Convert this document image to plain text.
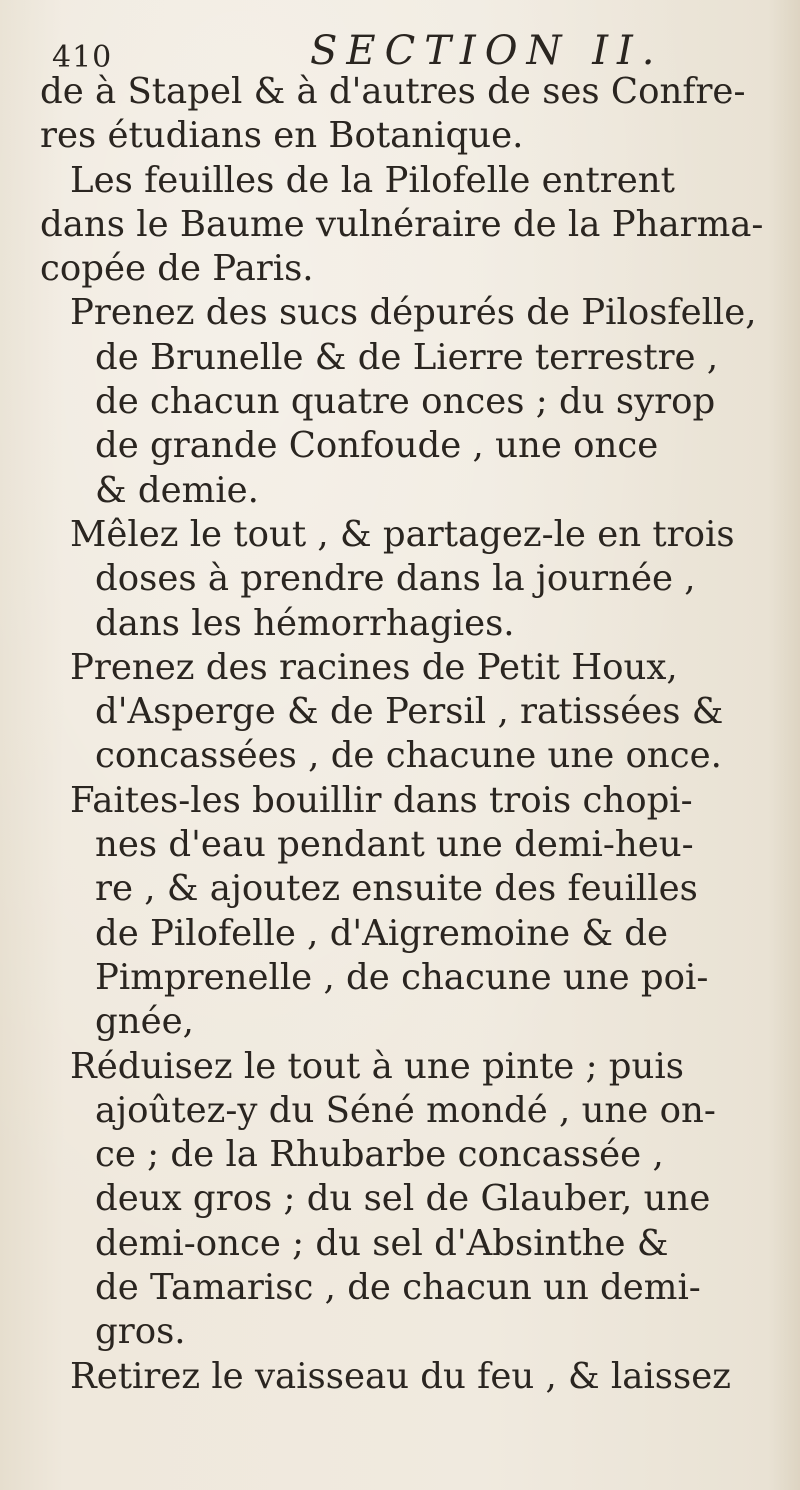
410	SECTION II.
de à Stapel & à d'autres de ses Confre-
res étudians en Botanique.
Les feuilles de la Pilofelle entrent
dans le Baume vulnéraire de la Pharma-
copée de Paris.
Prenez des sucs dépurés de Pilosfelle,
de Brunelle & de Lierre terrestre ,
de chacun quatre onces ; du syrop
de grande Confoude , une once
& demie.
Mêlez le tout , & partagez-le en trois
doses à prendre dans la journée ,
dans les hémorrhagies.
Prenez des racines de Petit Houx,
d'Asperge & de Persil , ratissées &
concassées , de chacune une once.
Faites-les bouillir dans trois chopi-
nes d'eau pendant une demi-heu-
re , & ajoutez ensuite des feuilles
de Pilofelle , d'Aigremoine & de
Pimprenelle , de chacune une poi-
gnée,
Réduisez le tout à une pinte ; puis
ajoûtez-y du Séné mondé , une on-
ce ; de la Rhubarbe concassée ,
deux gros ; du sel de Glauber, une
demi-once ; du sel d'Absinthe &
de Tamarisc , de chacun un demi-
gros.
Retirez le vaisseau du feu , & laissez
